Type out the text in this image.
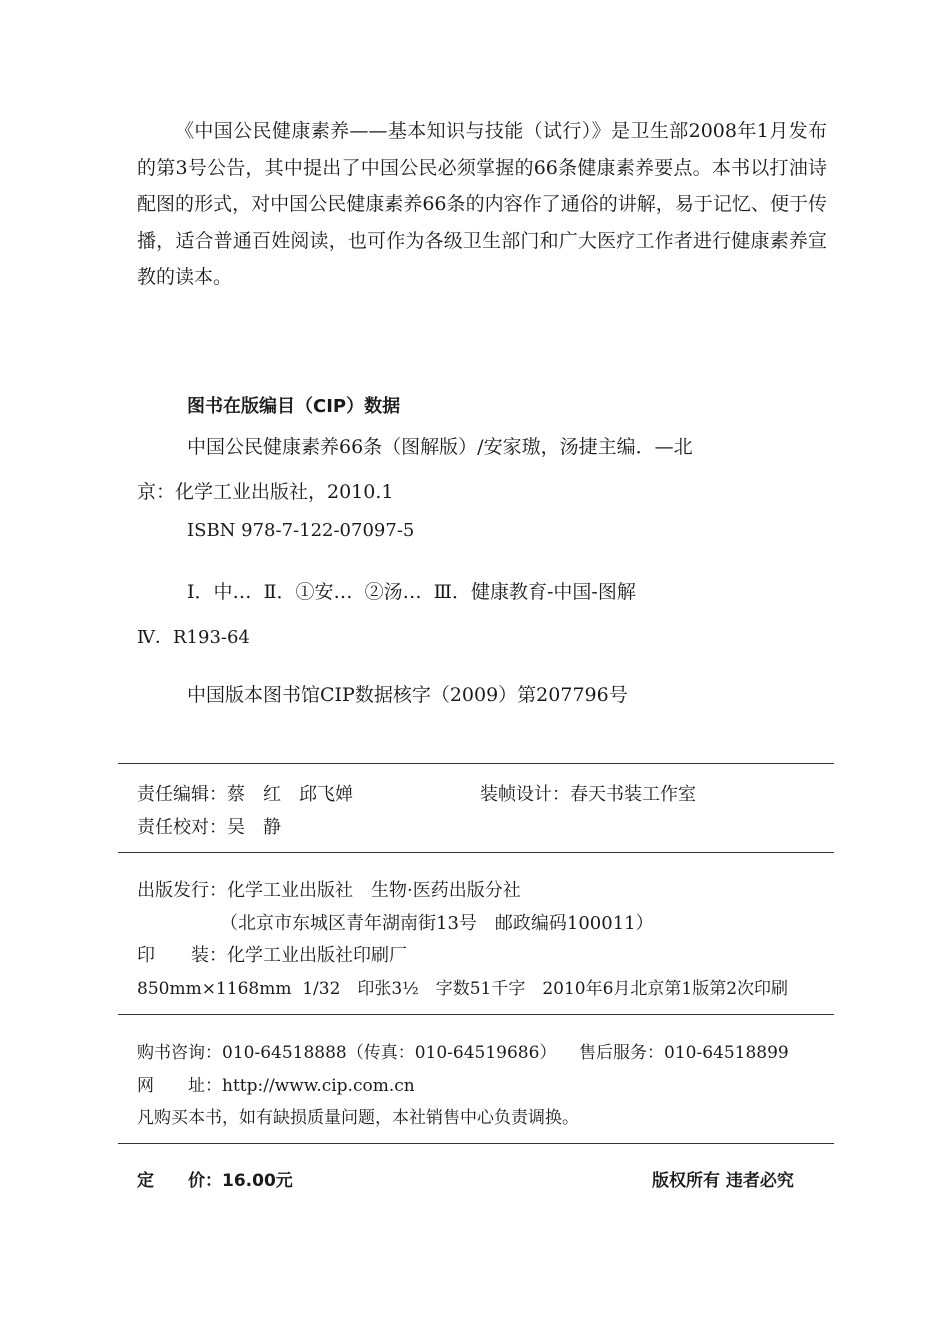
《中国公民健康素养——基本知识与技能（试行）》是卫生部2008年1月发布的第3号公告，其中提出了中国公民必须掌握的66条健康素养要点。本书以打油诗配图的形式，对中国公民健康素养66条的内容作了通俗的讲解，易于记忆、便于传播，适合普通百姓阅读，也可作为各级卫生部门和广大医疗工作者进行健康素养宣教的读本。

图书在版编目（CIP）数据
中国公民健康素养66条（图解版）/安家璈，汤捷主编．—北
京：化学工业出版社，2010.1
ISBN 978-7-122-07097-5
Ⅰ．中…  Ⅱ．①安…  ②汤…  Ⅲ．健康教育-中国-图解
Ⅳ．R193-64
中国版本图书馆CIP数据核字（2009）第207796号
责任编辑：蔡　红　邱飞婵	装帧设计：春天书装工作室
责任校对：吴　静
出版发行：化学工业出版社　生物·医药出版分社
（北京市东城区青年湖南街13号　邮政编码100011）
印　　装：化学工业出版社印刷厂
850mm×1168mm  1/32　印张3½　字数51千字　2010年6月北京第1版第2次印刷
购书咨询：010-64518888（传真：010-64519686） 售后服务：010-64518899
网　　址：http://www.cip.com.cn
凡购买本书，如有缺损质量问题，本社销售中心负责调换。
定　　价：16.00元	版权所有 违者必究
